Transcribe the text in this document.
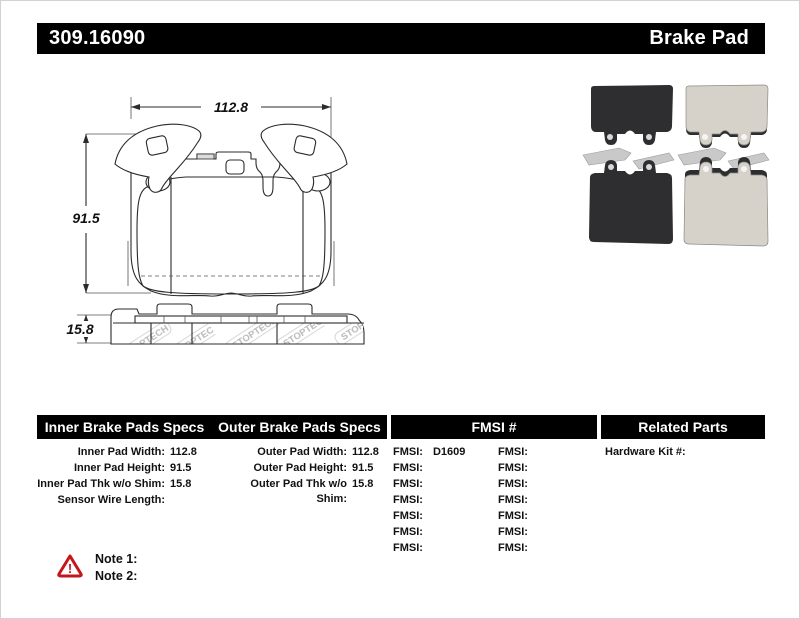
309.16090	Brake Pad
112.8
91.5
15.8
Inner Brake Pads Specs Outer Brake Pads Specs	FMSI #	Related Parts
Inner Pad Width: 112.8
Inner Pad Height: 91.5
Inner Pad Thk w/o Shim: 15.8
Sensor Wire Length:
Outer Pad Width: 112.8
Outer Pad Height: 91.5
Outer Pad Thk w/o Shim:
15.8
FMSI: D1609
FMSI:
FMSI:
FMSI:
FMSI:
FMSI:
FMSI:
FMSI:
FMSI:
FMSI:
FMSI:
FMSI:
FMSI:
FMSI:
Hardware Kit #:
!
Note 1:
Note 2:
